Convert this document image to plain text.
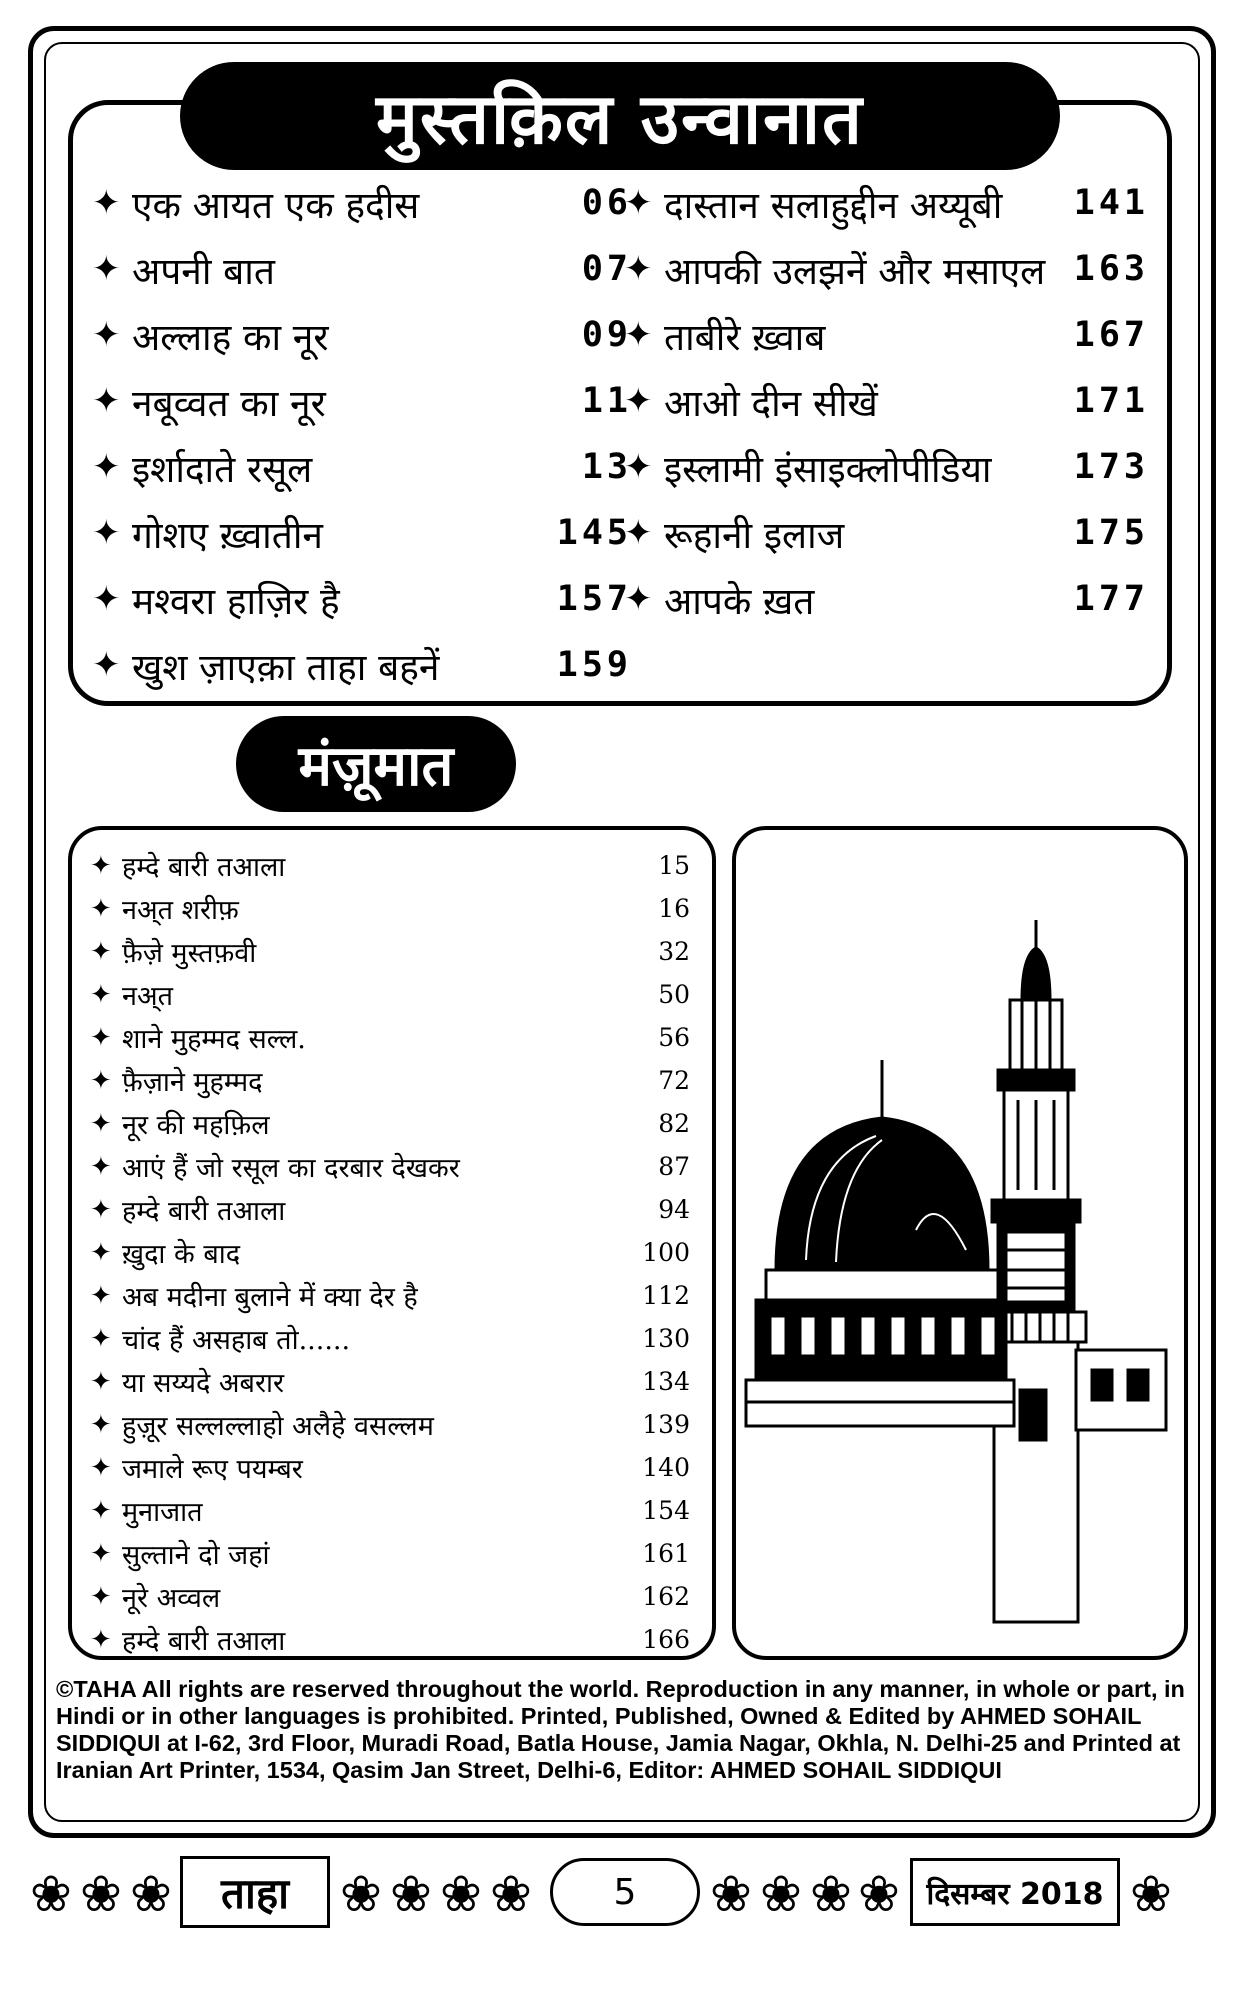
मुस्तक़िल उन्वानात
✦ एक आयत एक हदीस	06
✦ अपनी बात	07
✦ अल्लाह का नूर	09
✦ नबूव्वत का नूर	11
✦ इर्शादाते रसूल	13
✦ गोशए ख़्वातीन	145
✦ मश्वरा हाज़िर है	157
✦ खुश ज़ाएक़ा ताहा बहनें	159
✦ दास्तान सलाहुद्दीन अय्यूबी	141
✦ आपकी उलझनें और मसाएल 163
✦ ताबीरे ख़्वाब	167
✦ आओ दीन सीखें	171
✦ इस्लामी इंसाइक्लोपीडिया	173
✦ रूहानी इलाज	175
✦ आपके ख़त	177
मंज़ूमात
✦ हम्दे बारी तआला	15
✦ नअ्त शरीफ़	16
✦ फ़ैज़े मुस्तफ़वी	32
✦ नअ्त	50
✦ शाने मुहम्मद सल्ल.	56
✦ फ़ैज़ाने मुहम्मद	72
✦ नूर की महफ़िल	82
✦ आएं हैं जो रसूल का दरबार देखकर	87
✦ हम्दे बारी तआला	94
✦ ख़ुदा के बाद	100
✦ अब मदीना बुलाने में क्या देर है	112
✦ चांद हैं असहाब तो......	130
✦ या सय्यदे अबरार	134
✦ हुज़ूर सल्लल्लाहो अलैहे वसल्लम	139
✦ जमाले रूए पयम्बर	140
✦ मुनाजात	154
✦ सुल्ताने दो जहां	161
✦ नूरे अव्वल	162
✦ हम्दे बारी तआला	166
©TAHA All rights are reserved throughout the world. Reproduction in any manner, in whole or part, in Hindi or in other languages is prohibited. Printed, Published, Owned & Edited by AHMED SOHAIL SIDDIQUI at I-62, 3rd Floor, Muradi Road, Batla House, Jamia Nagar, Okhla, N. Delhi-25 and Printed at Iranian Art Printer, 1534, Qasim Jan Street, Delhi-6, Editor: AHMED SOHAIL SIDDIQUI
❀ ❀ ❀	ताहा	❀ ❀ ❀ ❀	5	❀ ❀ ❀ ❀ दिसम्बर 2018 ❀
